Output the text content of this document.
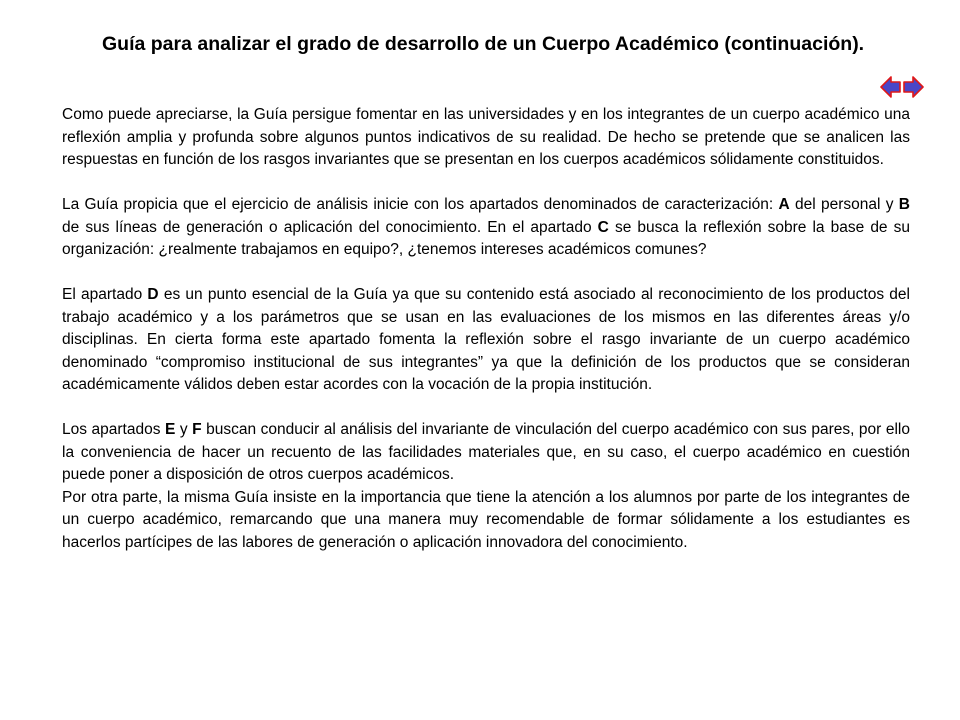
Guía para analizar el grado de desarrollo de un Cuerpo Académico (continuación).

Como puede apreciarse, la Guía persigue fomentar en las universidades y en los integrantes de un cuerpo académico una reflexión amplia y profunda sobre algunos puntos indicativos de su realidad. De hecho se pretende que se analicen las respuestas en función de los rasgos invariantes que se presentan en los cuerpos académicos sólidamente constituidos.

La Guía propicia que el ejercicio de análisis inicie con los apartados denominados de caracterización: A del personal y B de sus líneas de generación o aplicación del conocimiento. En el apartado C se busca la reflexión sobre la base de su organización: ¿realmente trabajamos en equipo?, ¿tenemos intereses académicos comunes?

El apartado D es un punto esencial de la Guía ya que su contenido está asociado al reconocimiento de los productos del trabajo académico y a los parámetros que se usan en las evaluaciones de los mismos en las diferentes áreas y/o disciplinas. En cierta forma este apartado fomenta la reflexión sobre el rasgo invariante de un cuerpo académico denominado “compromiso institucional de sus integrantes” ya que la definición de los productos que se consideran académicamente válidos deben estar acordes con la vocación de la propia institución.

Los apartados E y F buscan conducir al análisis del invariante de vinculación del cuerpo académico con sus pares, por ello la conveniencia de hacer un recuento de las facilidades materiales que, en su caso, el cuerpo académico en cuestión puede poner a disposición de otros cuerpos académicos.

Por otra parte, la misma Guía insiste en la importancia que tiene la atención a los alumnos por parte de los integrantes de un cuerpo académico, remarcando que una manera muy recomendable de formar sólidamente a los estudiantes es hacerlos partícipes de las labores de generación o aplicación innovadora del conocimiento.
